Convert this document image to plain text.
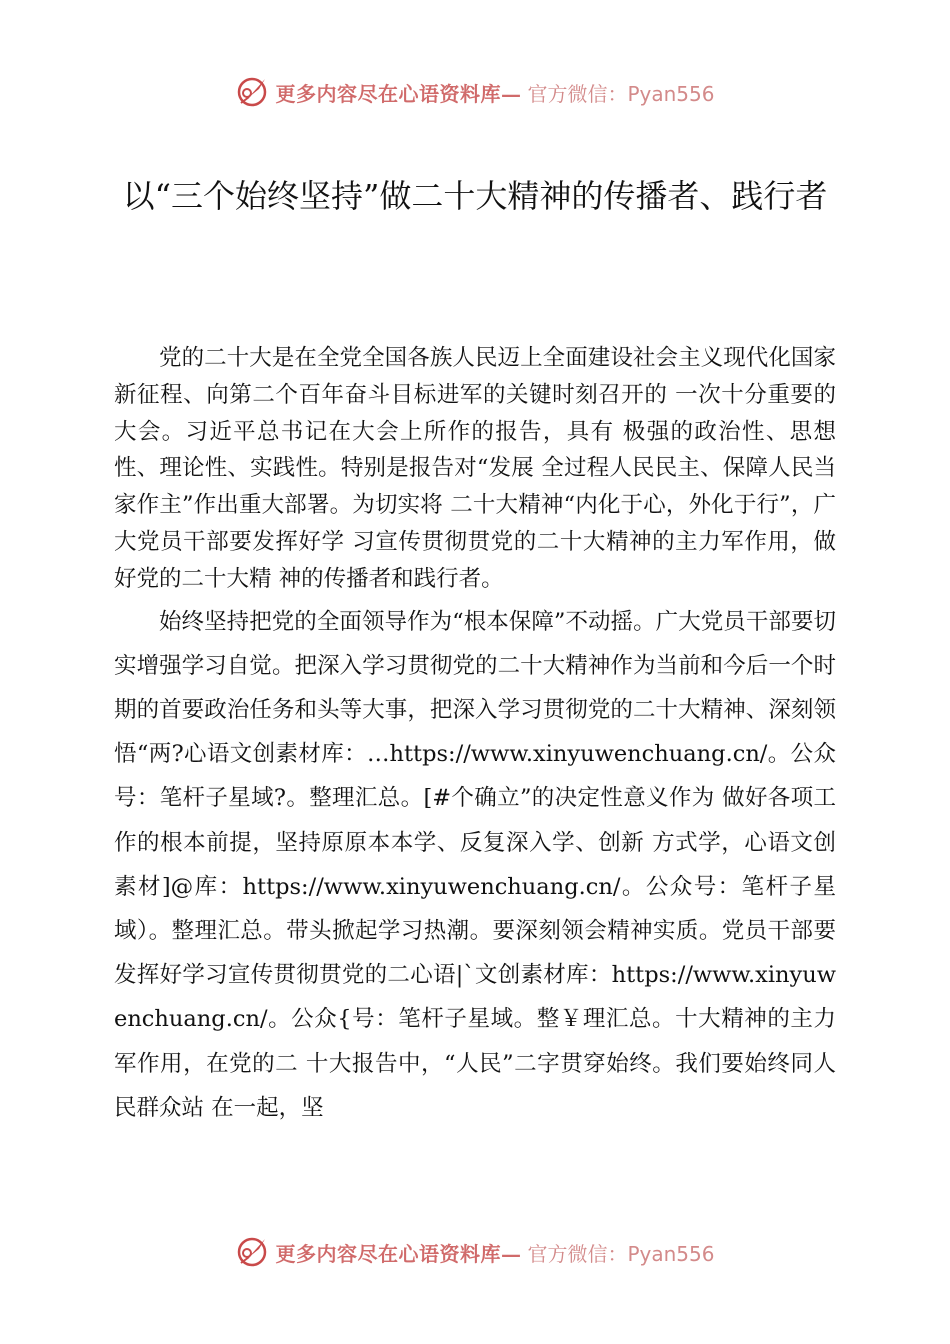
更多内容尽在心语资料库— 官方微信：Pyan556
以“三个始终坚持”做二十大精神的传播者、践行者

党的二十大是在全党全国各族人民迈上全面建设社会主义现代化国家新征程、向第二个百年奋斗目标进军的关键时刻召开的 一次十分重要的大会。习近平总书记在大会上所作的报告，具有 极强的政治性、思想性、理论性、实践性。特别是报告对“发展 全过程人民民主、保障人民当家作主”作出重大部署。为切实将 二十大精神“内化于心，外化于行”，广大党员干部要发挥好学 习宣传贯彻贯党的二十大精神的主力军作用，做好党的二十大精 神的传播者和践行者。

始终坚持把党的全面领导作为“根本保障”不动摇。广大党员干部要切实增强学习自觉。把深入学习贯彻党的二十大精神作为当前和今后一个时期的首要政治任务和头等大事，把深入学习贯彻党的二十大精神、深刻领悟“两?心语文创素材库：…https://www.xinyuwenchuang.cn/。公众号：笔杆子星域?。整理汇总。[#个确立”的决定性意义作为 做好各项工作的根本前提，坚持原原本本学、反复深入学、创新 方式学，心语文创素材]@库：https://www.xinyuwenchuang.cn/。公众号：笔杆子星域）。整理汇总。带头掀起学习热潮。要深刻领会精神实质。党员干部要 发挥好学习宣传贯彻贯党的二心语|`文创素材库：https://www.xinyuwenchuang.cn/。公众{号：笔杆子星域。整￥理汇总。十大精神的主力军作用，在党的二 十大报告中，“人民”二字贯穿始终。我们要始终同人民群众站 在一起，坚

更多内容尽在心语资料库— 官方微信：Pyan556
